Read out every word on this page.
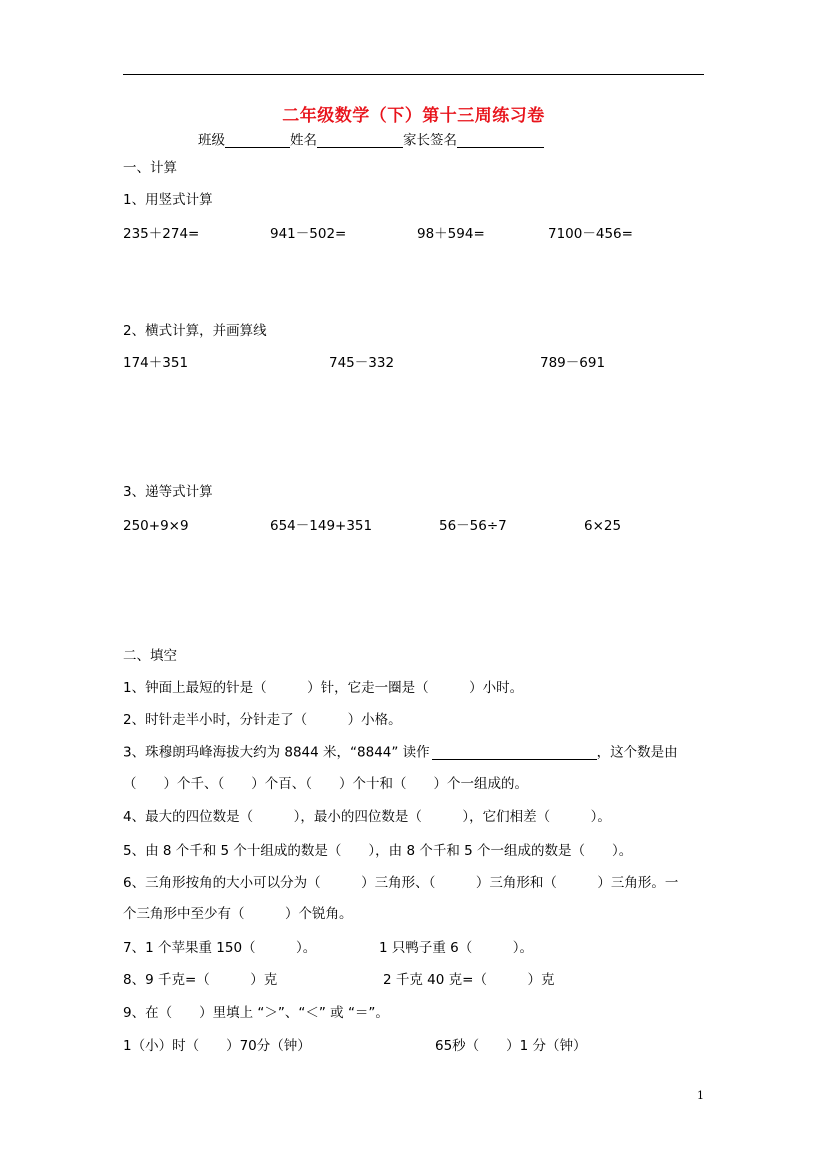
二年级数学（下）第十三周练习卷
班级	姓名	家长签名
一、计算
1、用竖式计算
235＋274=	941－502=	98＋594=	7100－456=
2、横式计算，并画算线
174＋351	745－332	789－691
3、递等式计算
250+9×9	654－149+351	56－56÷7	6×25
二、填空
1、钟面上最短的针是（　　　）针，它走一圈是（　　　）小时。
2、时针走半小时，分针走了（　　　）小格。
3、珠穆朗玛峰海拔大约为 8844 米，“8844” 读作	，这个数是由
（　　）个千、（　　）个百、（　　）个十和（　　）个一组成的。
4、最大的四位数是（　　　），最小的四位数是（　　　），它们相差（　　　）。
5、由 8 个千和 5 个十组成的数是（　　），由 8 个千和 5 个一组成的数是（　　）。
6、三角形按角的大小可以分为（　　　）三角形、（　　　）三角形和（　　　）三角形。一
个三角形中至少有（　　　）个锐角。
7、1 个苹果重 150（　　　）。	1 只鸭子重 6（　　　）。
8、9 千克=（　　　）克	2 千克 40 克=（　　　）克
9、在（　　）里填上 “＞”、“＜” 或 “＝”。
1（小）时（　　）70分（钟）	65秒（　　）1 分（钟）
1
